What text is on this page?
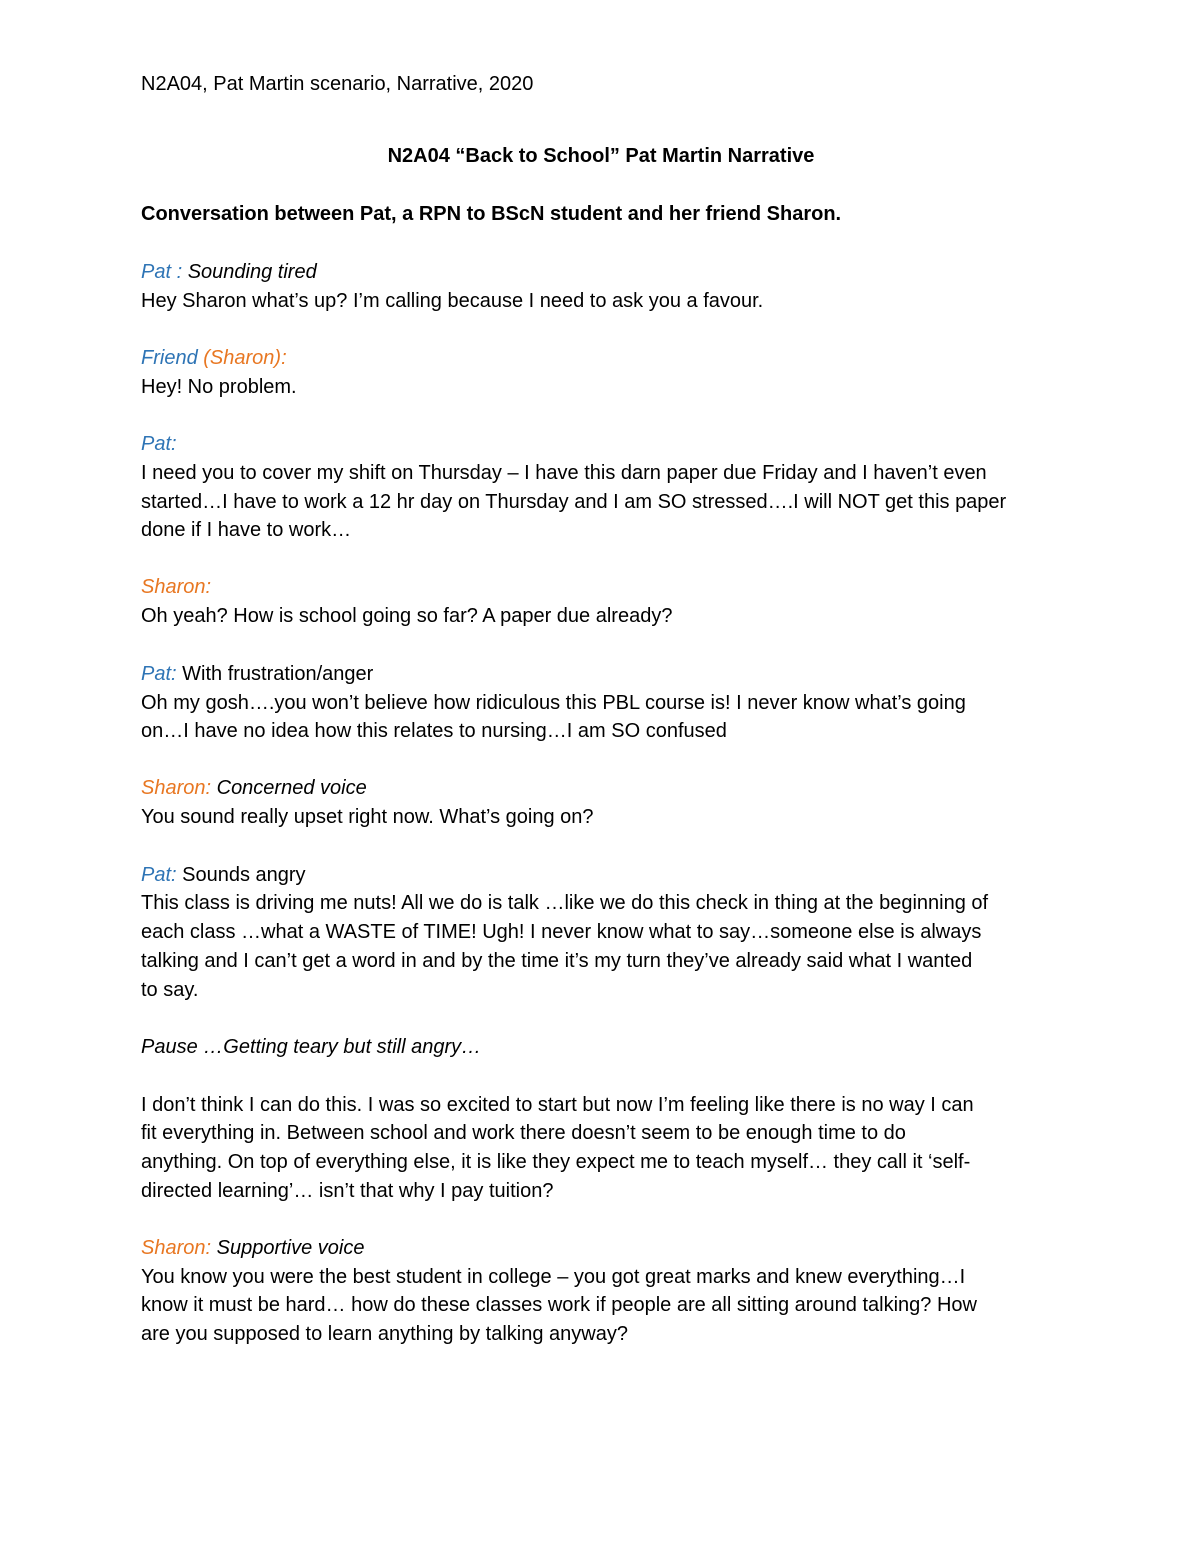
N2A04, Pat Martin scenario, Narrative, 2020
N2A04 “Back to School” Pat Martin Narrative
Conversation between Pat, a RPN to BScN student and her friend Sharon.
Pat : Sounding tired
Hey Sharon what’s up? I’m calling because I need to ask you a favour.
Friend (Sharon):
Hey! No problem.
Pat:
I need you to cover my shift on Thursday – I have this darn paper due Friday and I haven’t even
started…I have to work a 12 hr day on Thursday and I am SO stressed….I will NOT get this paper
done if I have to work…
Sharon:
Oh yeah? How is school going so far? A paper due already?
Pat: With frustration/anger
Oh my gosh….you won’t believe how ridiculous this PBL course is! I never know what’s going
on…I have no idea how this relates to nursing…I am SO confused
Sharon: Concerned voice
You sound really upset right now. What’s going on?
Pat: Sounds angry
This class is driving me nuts! All we do is talk …like we do this check in thing at the beginning of
each class …what a WASTE of TIME! Ugh! I never know what to say…someone else is always
talking and I can’t get a word in and by the time it’s my turn they’ve already said what I wanted
to say.
Pause …Getting teary but still angry…
I don’t think I can do this. I was so excited to start but now I’m feeling like there is no way I can
fit everything in. Between school and work there doesn’t seem to be enough time to do
anything. On top of everything else, it is like they expect me to teach myself… they call it ‘self-
directed learning’… isn’t that why I pay tuition?
Sharon: Supportive voice
You know you were the best student in college – you got great marks and knew everything…I
know it must be hard… how do these classes work if people are all sitting around talking? How
are you supposed to learn anything by talking anyway?
